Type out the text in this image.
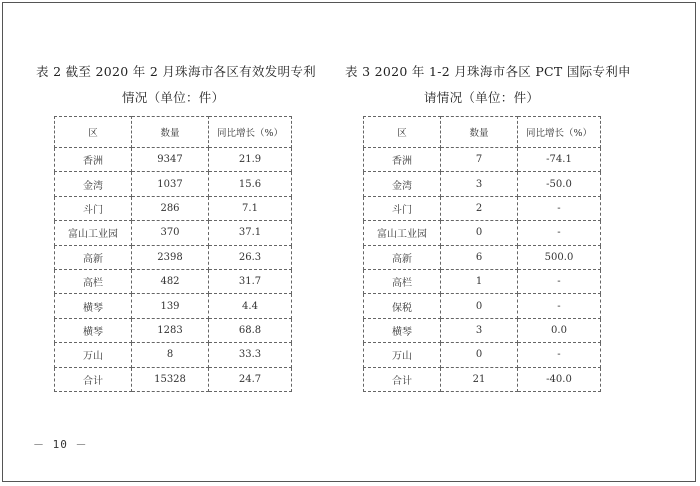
表 2 截至 2020 年 2 月珠海市各区有效发明专利
情况（单位：件）
表 3 2020 年 1-2 月珠海市各区 PCT 国际专利申
请情况（单位：件）
区	数量	同比增长（%）
香洲	9347	21.9
金湾	1037	15.6
斗门	286	7.1
富山工业园	370	37.1
高新	2398	26.3
高栏	482	31.7
横琴	139	4.4
横琴	1283	68.8
万山	8	33.3
合计	15328	24.7
区	数量	同比增长（%）
香洲	7	-74.1
金湾	3	-50.0
斗门	2	-
富山工业园	0	-
高新	6	500.0
高栏	1	-
保税	0	-
横琴	3	0.0
万山	0	-
合计	21	-40.0
－ 10 －
